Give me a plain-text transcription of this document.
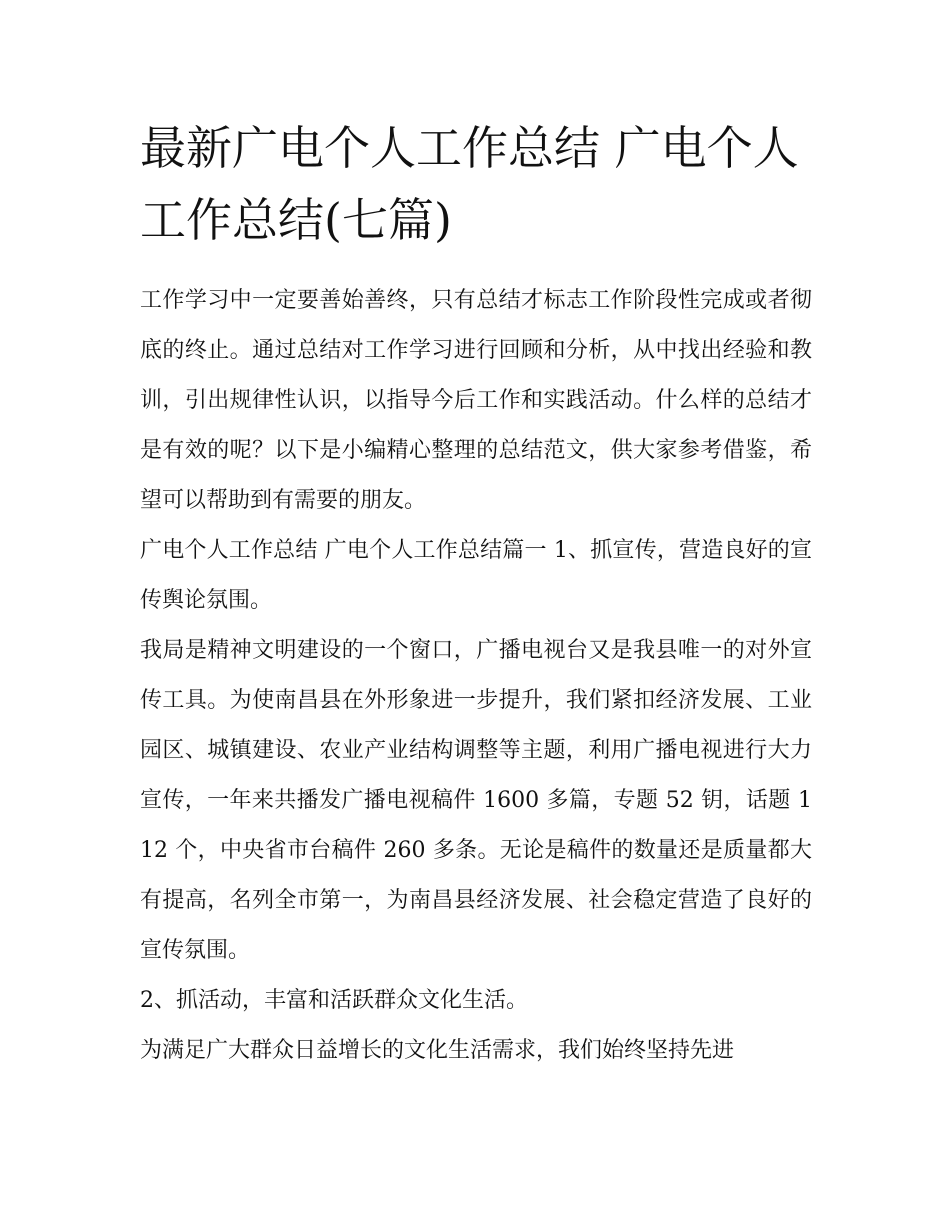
最新广电个人工作总结 广电个人工作总结(七篇)

工作学习中一定要善始善终，只有总结才标志工作阶段性完成或者彻底的终止。通过总结对工作学习进行回顾和分析，从中找出经验和教训，引出规律性认识，以指导今后工作和实践活动。什么样的总结才是有效的呢？以下是小编精心整理的总结范文，供大家参考借鉴，希望可以帮助到有需要的朋友。

广电个人工作总结 广电个人工作总结篇一 1、抓宣传，营造良好的宣传舆论氛围。

我局是精神文明建设的一个窗口，广播电视台又是我县唯一的对外宣传工具。为使南昌县在外形象进一步提升，我们紧扣经济发展、工业园区、城镇建设、农业产业结构调整等主题，利用广播电视进行大力宣传，一年来共播发广播电视稿件 1600 多篇，专题 52 钥，话题 112 个，中央省市台稿件 260 多条。无论是稿件的数量还是质量都大有提高，名列全市第一，为南昌县经济发展、社会稳定营造了良好的宣传氛围。

2、抓活动，丰富和活跃群众文化生活。

为满足广大群众日益增长的文化生活需求，我们始终坚持先进
